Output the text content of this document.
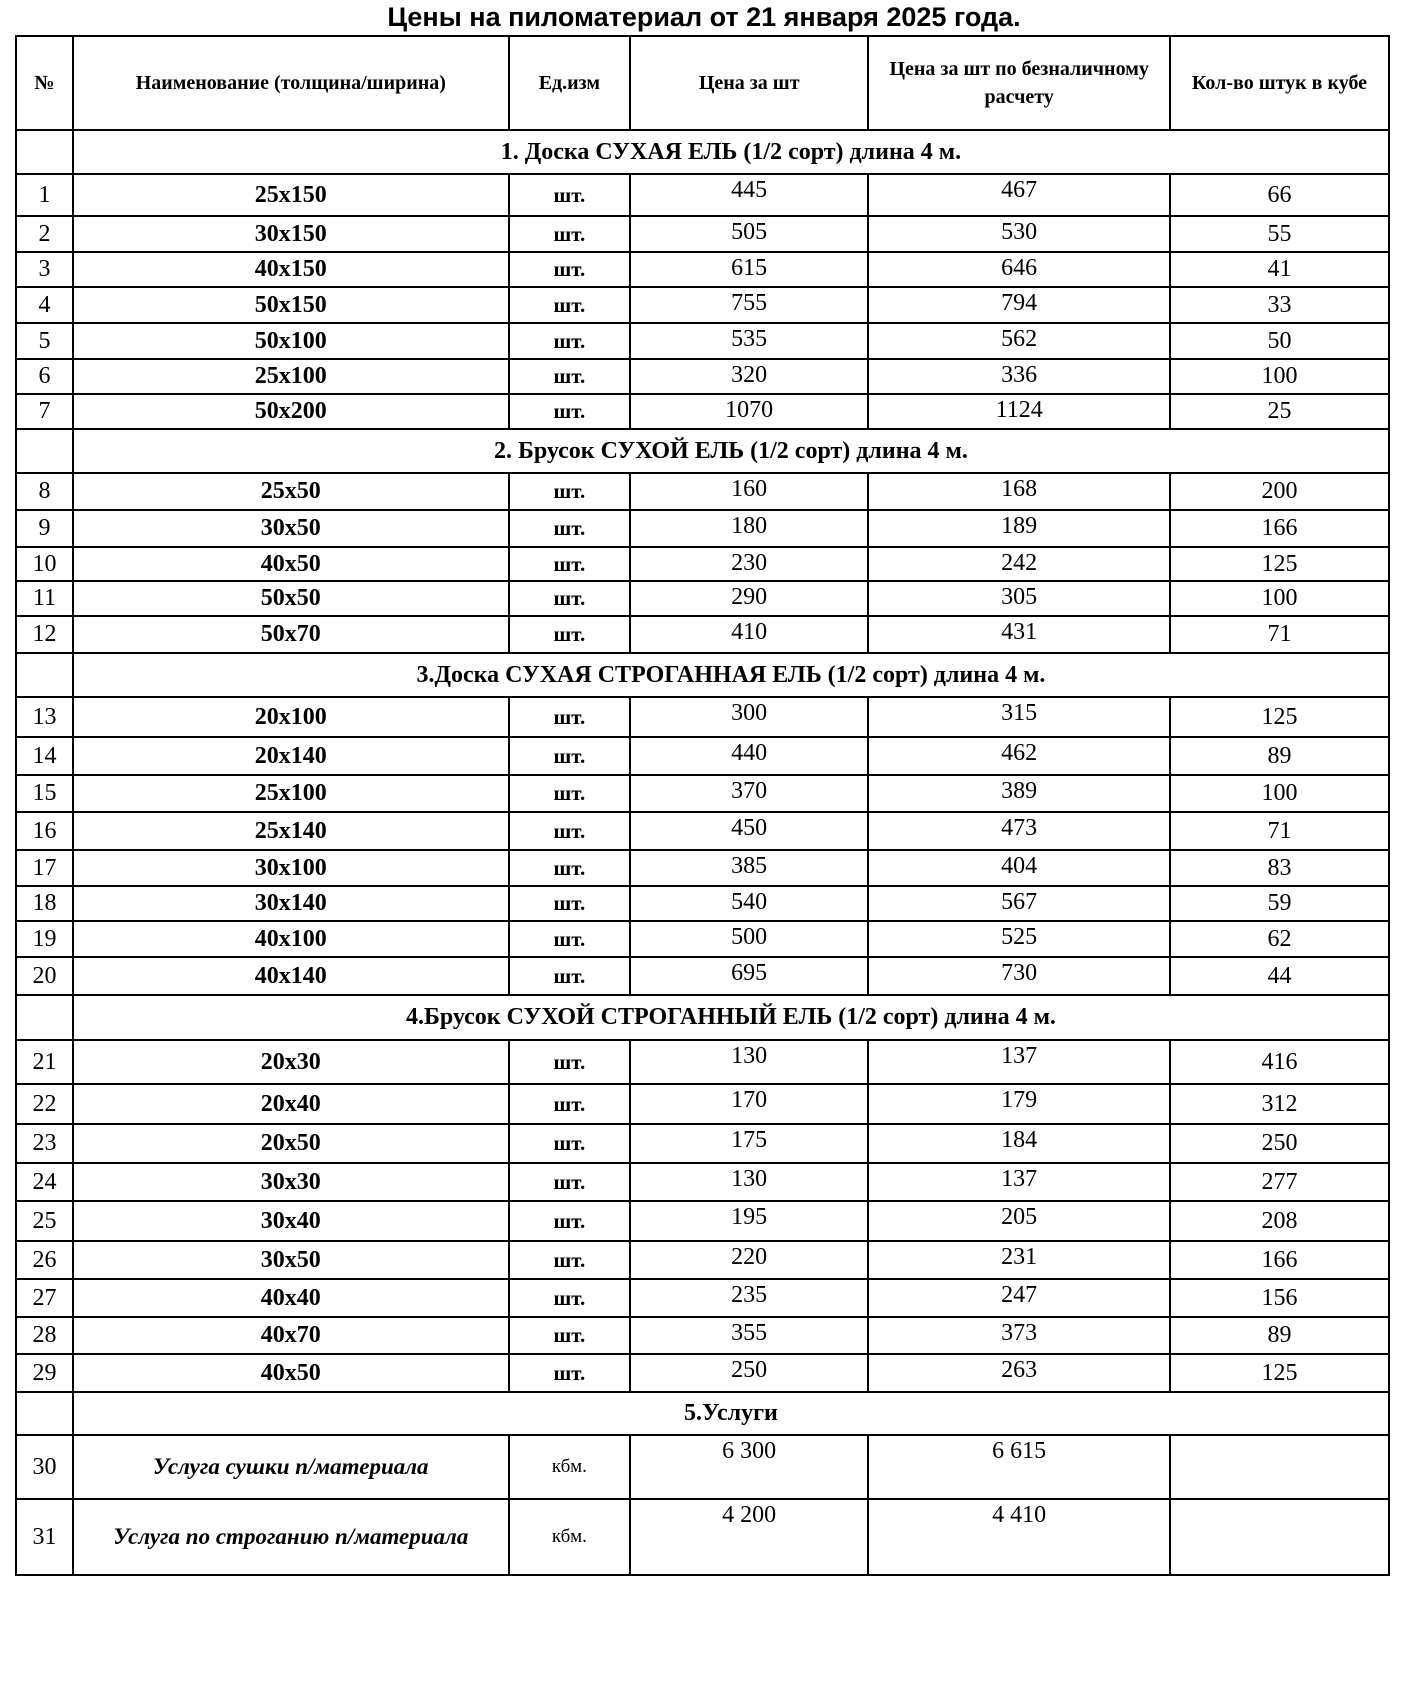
Цены на пиломатериал от 21 января 2025 года.
№	Наименование (толщина/ширина)	Ед.изм	Цена за шт	Цена за шт по безналичному расчету	Кол-во штук в кубе
	1. Доска СУХАЯ ЕЛЬ (1/2 сорт) длина 4 м.				
1	25х150	шт.	445	467	66
2	30х150	шт.	505	530	55
3	40х150	шт.	615	646	41
4	50х150	шт.	755	794	33
5	50х100	шт.	535	562	50
6	25х100	шт.	320	336	100
7	50х200	шт.	1070	1124	25
	2. Брусок СУХОЙ ЕЛЬ (1/2 сорт) длина 4 м.				
8	25х50	шт.	160	168	200
9	30х50	шт.	180	189	166
10	40х50	шт.	230	242	125
11	50х50	шт.	290	305	100
12	50х70	шт.	410	431	71
	3.Доска СУХАЯ СТРОГАННАЯ ЕЛЬ (1/2 сорт) длина 4 м.				
13	20х100	шт.	300	315	125
14	20х140	шт.	440	462	89
15	25х100	шт.	370	389	100
16	25х140	шт.	450	473	71
17	30х100	шт.	385	404	83
18	30х140	шт.	540	567	59
19	40х100	шт.	500	525	62
20	40х140	шт.	695	730	44
	4.Брусок СУХОЙ СТРОГАННЫЙ ЕЛЬ (1/2 сорт) длина 4 м.				
21	20х30	шт.	130	137	416
22	20х40	шт.	170	179	312
23	20х50	шт.	175	184	250
24	30х30	шт.	130	137	277
25	30х40	шт.	195	205	208
26	30х50	шт.	220	231	166
27	40х40	шт.	235	247	156
28	40х70	шт.	355	373	89
29	40х50	шт.	250	263	125
	5.Услуги				
30	Услуга сушки п/материала	кбм.	6 300	6 615	
31	Услуга по строганию п/материала	кбм.	4 200	4 410	
